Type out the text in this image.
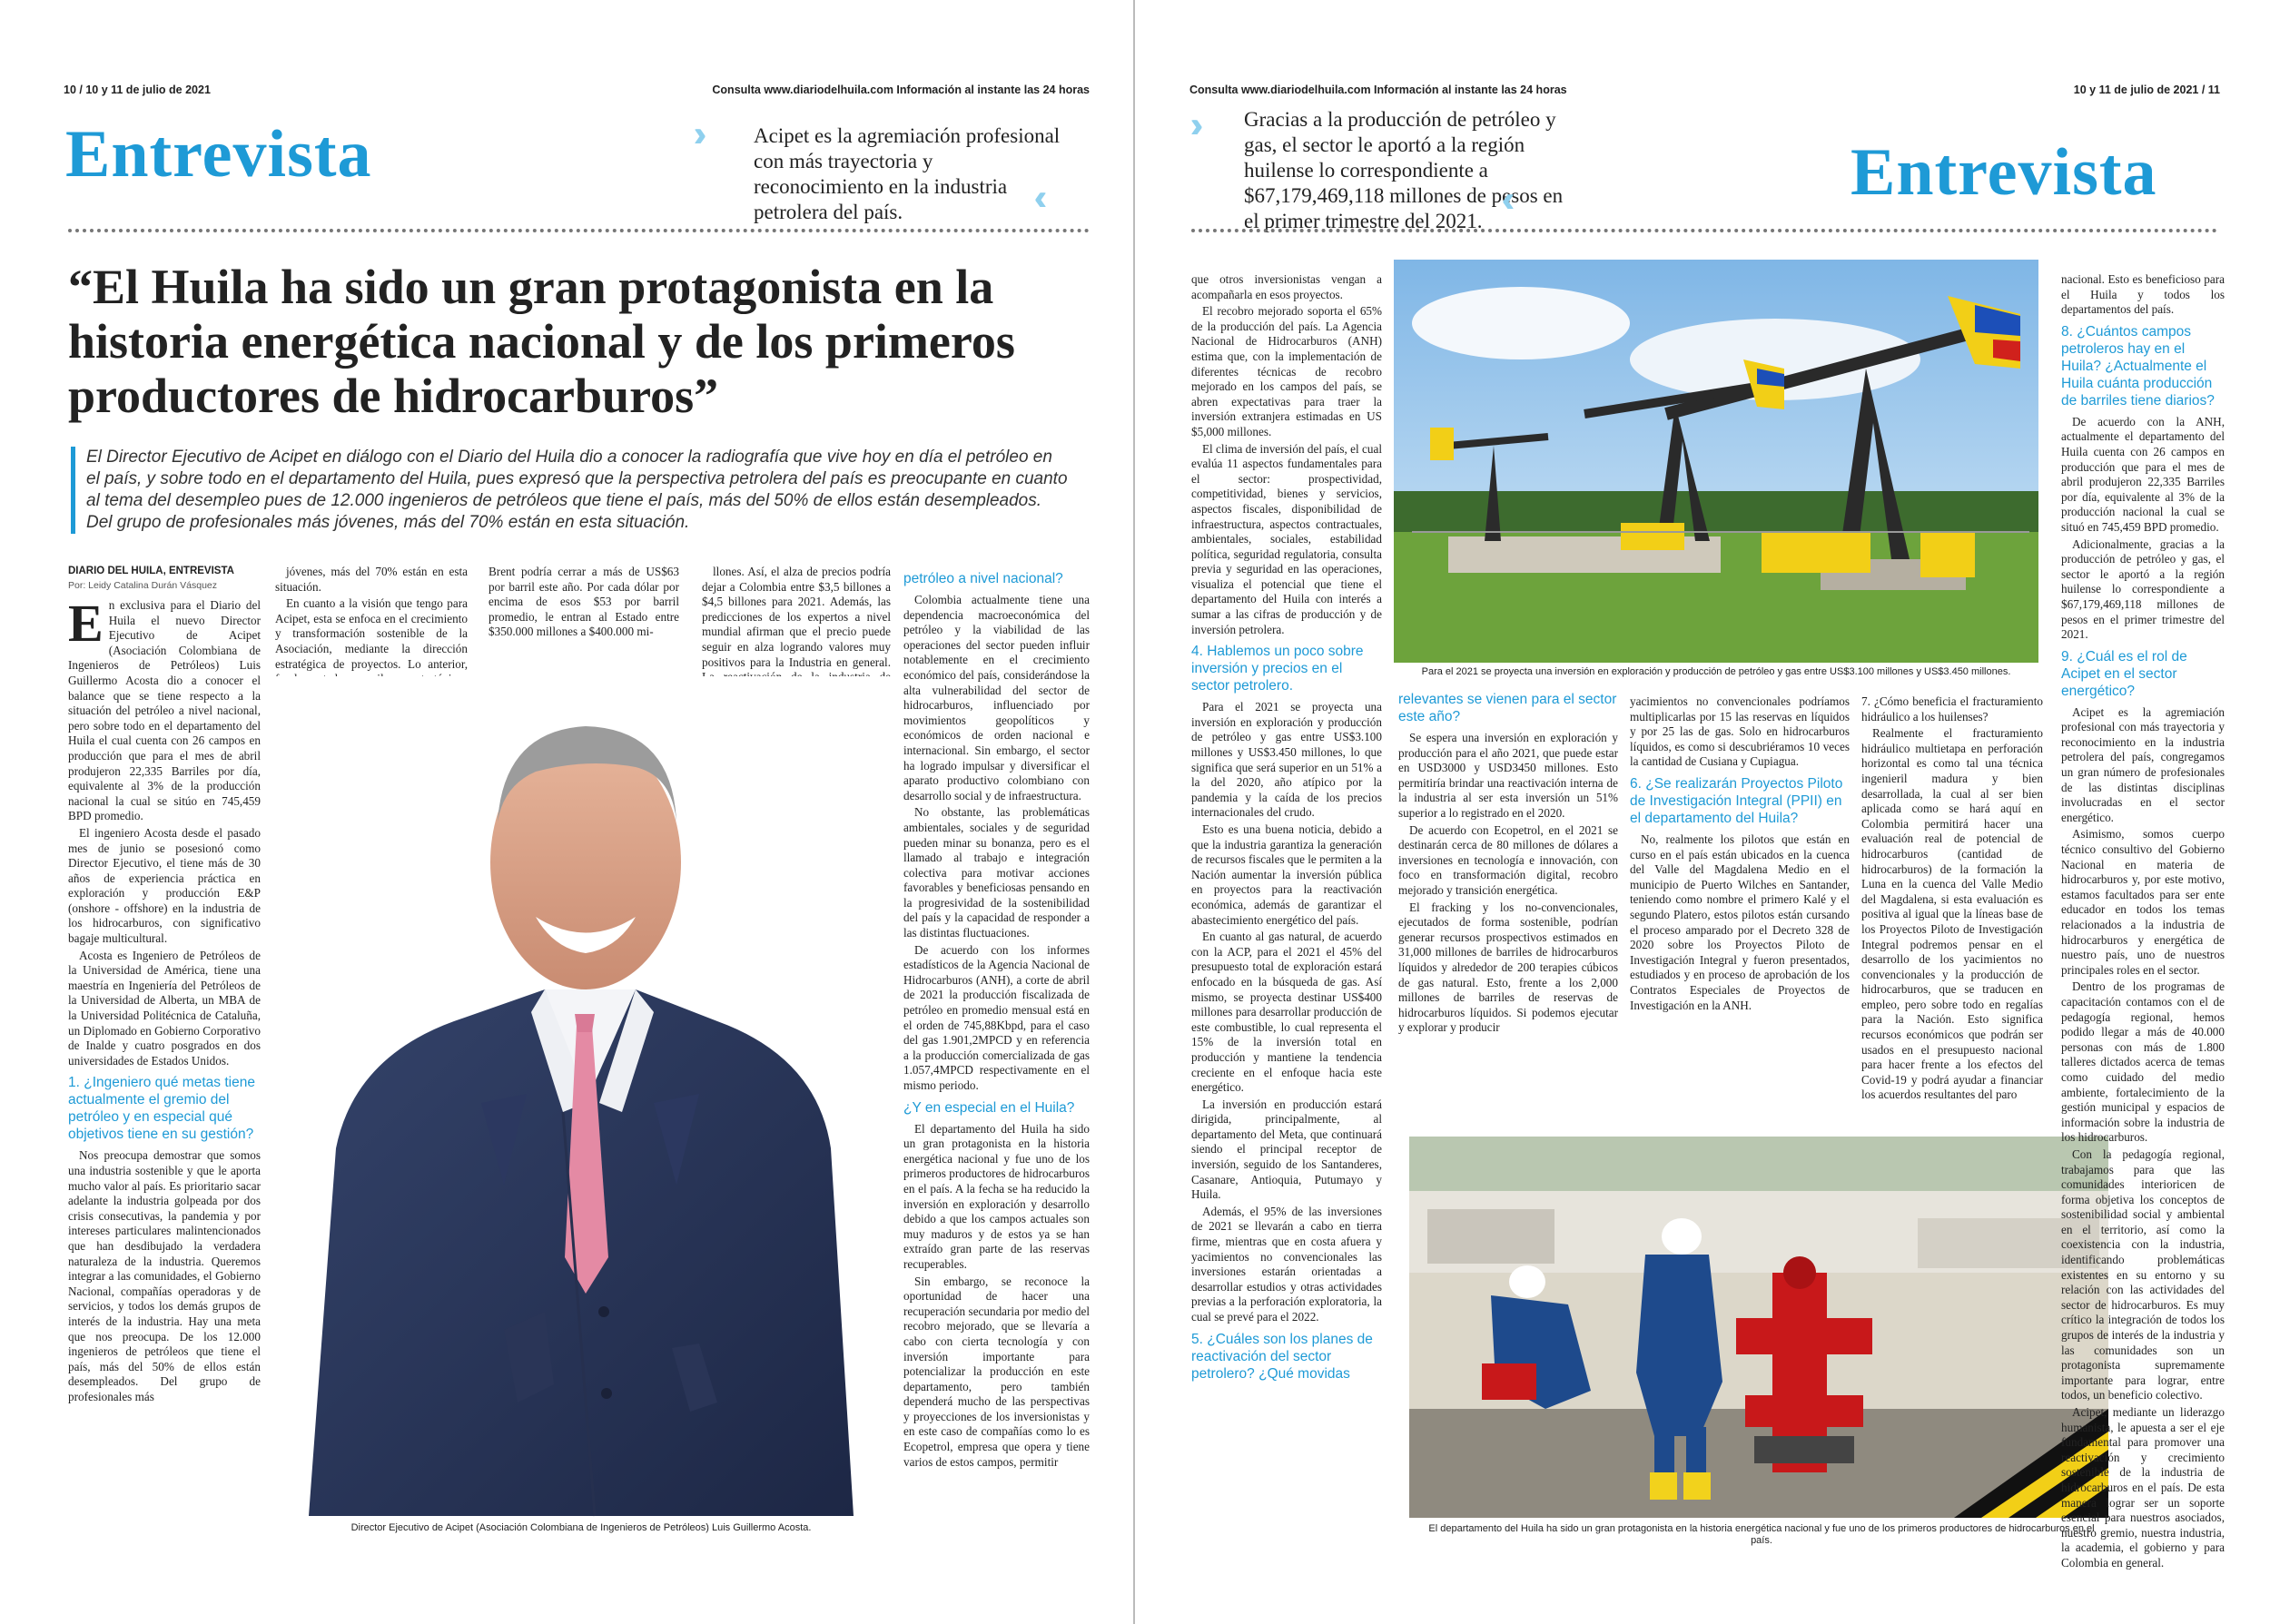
10 / 10 y 11 de julio de 2021	Consulta www.diariodelhuila.com Información al instante las 24 horas
Entrevista	Acipet es la agremiación profesional con más trayectoria y reconocimiento en la industria petrolera del país.
“El Huila ha sido un gran protagonista en la historia energética nacional y de los primeros productores de hidrocarburos”
El Director Ejecutivo de Acipet en diálogo con el Diario del Huila dio a conocer la radiografía que vive hoy en día el petróleo en el país, y sobre todo en el departamento del Huila, pues expresó que la perspectiva petrolera del país es preocupante en cuanto al tema del desempleo pues de 12.000 ingenieros de petróleos que tiene el país, más del 50% de ellos están desempleados. Del grupo de profesionales más jóvenes, más del 70% están en esta situación.
DIARIO DEL HUILA, ENTREVISTA
Por: Leidy Catalina Durán Vásquez

En exclusiva para el Diario del Huila el nuevo Director Ejecutivo de Acipet (Asociación Colombiana de Ingenieros de Petróleos) Luis Guillermo Acosta dio a conocer el balance que se tiene respecto a la situación del petróleo a nivel nacional, pero sobre todo en el departamento del Huila el cual cuenta con 26 campos en producción que para el mes de abril produjeron 22,335 Barriles por día, equivalente al 3% de la producción nacional la cual se sitúo en 745,459 BPD promedio.

El ingeniero Acosta desde el pasado mes de junio se posesionó como Director Ejecutivo, el tiene más de 30 años de experiencia práctica en exploración y producción E&P (onshore - offshore) en la industria de los hidrocarburos, con significativo bagaje multicultural.

Acosta es Ingeniero de Petróleos de la Universidad de América, tiene una maestría en Ingeniería del Petróleos de la Universidad de Alberta, un MBA de la Universidad Politécnica de Cataluña, un Diplomado en Gobierno Corporativo de Inalde y cuatro posgrados en dos universidades de Estados Unidos.

1. ¿Ingeniero qué metas tiene actualmente el gremio del petróleo y en especial qué objetivos tiene en su gestión?

Nos preocupa demostrar que somos una industria sostenible y que le aporta mucho valor al país. Es prioritario sacar adelante la industria golpeada por dos crisis consecutivas, la pandemia y por intereses particulares malintencionados que han desdibujado la verdadera naturaleza de la industria. Queremos integrar a las comunidades, el Gobierno Nacional, compañías operadoras y de servicios, y todos los demás grupos de interés de la industria. Hay una meta que nos preocupa. De los 12.000 ingenieros de petróleos que tiene el país, más del 50% de ellos están desempleados. Del grupo de profesionales más

jóvenes, más del 70% están en esta situación.

En cuanto a la visión que tengo para Acipet, esta se enfoca en el crecimiento y transformación sostenible de la Asociación, mediante la dirección estratégica de proyectos. Lo anterior,

Brent podría cerrar a más de US$63 por barril este año. Por cada dólar por encima de esos $53 por barril promedio, le entran al Estado entre $350.000 millones a $400.000 mi-

llones. Así, el alza de precios podría dejar a Colombia entre $3,5 billones a $4,5 billones para 2021. Además, las predicciones de los expertos a nivel mundial afirman que el precio puede seguir en alza logrando valores muy positivos para la Industria en general.

petróleo a nivel nacional?

Colombia actualmente tiene una dependencia macroeconómica del petróleo y la viabilidad de las operaciones del sector pueden influir notablemente en el crecimiento económico del país, considerándose la alta vulnerabilidad del sector de hidrocarburos, influenciado por movimientos geopolíticos y económicos de orden nacional e internacional. Sin embargo, el sector ha logrado impulsar y diversificar el aparato productivo colombiano con desarrollo social y de infraestructura.

No obstante, las problemáticas ambientales, sociales y de seguridad pueden minar su bonanza, pero es el llamado al trabajo e integración colectiva para motivar acciones favorables y beneficiosas pensando en la progresividad de la sostenibilidad del país y la capacidad de responder a las distintas fluctuaciones.

De acuerdo con los informes estadísticos de la Agencia Nacional de Hidrocarburos (ANH), a corte de abril de 2021 la producción fiscalizada de petróleo en promedio mensual está en el orden de 745,88Kbpd, para el caso del gas 1.901,2MPCD y en referencia a la producción comercializada de gas 1.057,4MPCD respectivamente en el mismo periodo.

¿Y en especial en el Huila?

El departamento del Huila ha sido un gran protagonista en la historia energética nacional y fue uno de los primeros productores de hidrocarburos en el país. A la fecha se ha reducido la inversión en exploración y desarrollo debido a que los campos actuales son muy maduros y de estos ya se han extraído gran parte de las reservas recuperables.

Sin embargo, se reconoce la oportunidad de hacer una recuperación secundaria por medio del recobro mejorado, que se llevaría a cabo con cierta tecnología y con inversión importante para potencializar la producción en este departamento, pero también dependerá mucho de las perspectivas y proyecciones de los inversionistas y en este caso de compañías como lo es Ecopetrol, empresa que opera y tiene varios de estos campos, permitir

Director Ejecutivo de Acipet (Asociación Colombiana de Ingenieros de Petróleos) Luis Guillermo Acosta.
Consulta www.diariodelhuila.com Información al instante las 24 horas	10 y 11 de julio de 2021 / 11
Gracias a la producción de petróleo y gas, el sector le aportó a la región huilense lo correspondiente a $67,179,469,118 millones de pesos en el primer trimestre del 2021.
Entrevista
Para el 2021 se proyecta una inversión en exploración y producción de petróleo y gas entre US$3.100 millones y US$3.450 millones.
El departamento del Huila ha sido un gran protagonista en la historia energética nacional y fue uno de los primeros productores de hidrocarburos en el país.

que otros inversionistas vengan a acompañarla en esos proyectos.

El recobro mejorado soporta el 65% de la producción del país. La Agencia Nacional de Hidrocarburos (ANH) estima que, con la implementación de diferentes técnicas de recobro mejorado en los campos del país, se abren expectativas para traer la inversión extranjera estimadas en US $5,000 millones.

El clima de inversión del país, el cual evalúa 11 aspectos fundamentales para el sector: prospectividad, competitividad, bienes y servicios, aspectos fiscales, disponibilidad de infraestructura, aspectos contractuales, ambientales, sociales, estabilidad política, seguridad regulatoria, consulta previa y seguridad en las operaciones, visualiza el potencial que tiene el departamento del Huila con interés a sumar a las cifras de producción y de inversión petrolera.

4. Hablemos un poco sobre inversión y precios en el sector petrolero.

Para el 2021 se proyecta una inversión en exploración y producción de petróleo y gas entre US$3.100 millones y US$3.450 millones, lo que significa que será superior en un 51% a la del 2020, año atípico por la pandemia y la caída de los precios internacionales del crudo.

Esto es una buena noticia, debido a que la industria garantiza la generación de recursos fiscales que le permiten a la Nación aumentar la inversión pública en proyectos para la reactivación económica, además de garantizar el abastecimiento energético del país.

En cuanto al gas natural, de acuerdo con la ACP, para el 2021 el 45% del presupuesto total de exploración estará enfocado en la búsqueda de gas. Así mismo, se proyecta destinar US$400 millones para desarrollar producción de este combustible, lo cual representa el 15% de la inversión total en producción y mantiene la tendencia creciente en el enfoque hacia este energético.

La inversión en producción estará dirigida, principalmente, al departamento del Meta, que continuará siendo el principal receptor de inversión, seguido de los Santanderes, Casanare, Antioquia, Putumayo y Huila.

Además, el 95% de las inversiones de 2021 se llevarán a cabo en tierra firme, mientras que en costa afuera y yacimientos no convencionales las inversiones estarán orientadas a desarrollar estudios y otras actividades previas a la perforación exploratoria, la cual se prevé para el 2022.

5. ¿Cuáles son los planes de reactivación del sector petrolero? ¿Qué movidas

relevantes se vienen para el sector este año?

Se espera una inversión en exploración y producción para el año 2021, que puede estar en USD3000 y USD3450 millones. Esto permitiría brindar una reactivación interna de la industria al ser esta inversión un 51% superior a lo registrado en el 2020.

De acuerdo con Ecopetrol, en el 2021 se destinarán cerca de 80 millones de dólares a inversiones en tecnología e innovación, con foco en transformación digital, recobro mejorado y transición energética.

El fracking y los no-convencionales, ejecutados de forma sostenible, podrían generar recursos prospectivos estimados en 31,000 millones de barriles de hidrocarburos líquidos y alrededor de 200 terapies cúbicos de gas natural. Esto, frente a los 2,000 millones de barriles de reservas de hidrocarburos líquidos. Si podemos ejecutar y explorar y producir

yacimientos no convencionales podríamos multiplicarlas por 15 las reservas en líquidos y por 25 las de gas. Solo en hidrocarburos líquidos, es como si descubriéramos 10 veces la cantidad de Cusiana y Cupiagua.

6. ¿Se realizarán Proyectos Piloto de Investigación Integral (PPII) en el departamento del Huila?

No, realmente los pilotos que están en curso en el país están ubicados en la cuenca del Valle del Magdalena Medio en el municipio de Puerto Wilches en Santander, teniendo como nombre el primero Kalé y el segundo Platero, estos pilotos están cursando el proceso amparado por el Decreto 328 de 2020 sobre los Proyectos Piloto de Investigación Integral y fueron presentados, estudiados y en proceso de aprobación de los Contratos Especiales de Proyectos de Investigación en la ANH.

7. ¿Cómo beneficia el fracturamiento hidráulico a los huilenses?

Realmente el fracturamiento hidráulico multietapa en perforación horizontal es como tal una técnica ingenieril madura y bien desarrollada, la cual al ser bien aplicada como se hará aquí en Colombia permitirá hacer una evaluación real de potencial de hidrocarburos (cantidad de hidrocarburos) de la formación la Luna en la cuenca del Valle Medio del Magdalena, si esta evaluación es positiva al igual que la líneas base de los Proyectos Piloto de Investigación Integral podremos pensar en el desarrollo de los yacimientos no convencionales y la producción de hidrocarburos, que se traducen en empleo, pero sobre todo en regalías para la Nación. Esto significa recursos económicos que podrán ser usados en el presupuesto nacional para hacer frente a los efectos del Covid-19 y podrá ayudar a financiar los acuerdos resultantes del paro

nacional. Esto es beneficioso para el Huila y todos los departamentos del país.

8. ¿Cuántos campos petroleros hay en el Huila? ¿Actualmente el Huila cuánta producción de barriles tiene diarios?

De acuerdo con la ANH, actualmente el departamento del Huila cuenta con 26 campos en producción que para el mes de abril produjeron 22,335 Barriles por día, equivalente al 3% de la producción nacional la cual se situó en 745,459 BPD promedio.

Adicionalmente, gracias a la producción de petróleo y gas, el sector le aportó a la región huilense lo correspondiente a $67,179,469,118 millones de pesos en el primer trimestre del 2021.

9. ¿Cuál es el rol de Acipet en el sector energético?

Acipet es la agremiación profesional con más trayectoria y reconocimiento en la industria petrolera del país, congregamos un gran número de profesionales de las distintas disciplinas involucradas en el sector energético.

Asimismo, somos cuerpo técnico consultivo del Gobierno Nacional en materia de hidrocarburos y, por este motivo, estamos facultados para ser ente educador en todos los temas relacionados a la industria de hidrocarburos y energética de nuestro país, uno de nuestros principales roles en el sector.

Dentro de los programas de capacitación contamos con el de pedagogía regional, hemos podido llegar a más de 40.000 personas con más de 1.800 talleres dictados acerca de temas como cuidado del medio ambiente, fortalecimiento de la gestión municipal y espacios de información sobre la industria de los hidrocarburos.

Con la pedagogía regional, trabajamos para que las comunidades interioricen de forma objetiva los conceptos de sostenibilidad social y ambiental en el territorio, así como la coexistencia con la industria, identificando problemáticas existentes en su entorno y su relación con las actividades del sector de hidrocarburos. Es muy crítico la integración de todos los grupos de interés de la industria y las comunidades son un protagonista supremamente importante para lograr, entre todos, un beneficio colectivo.

Acipet, mediante un liderazgo humanista, le apuesta a ser el eje fundamental para promover una reactivación y crecimiento sostenible de la industria de hidrocarburos en el país. De esta manera lograr ser un soporte esencial para nuestros asociados, nuestro gremio, nuestra industria, la academia, el gobierno y para Colombia en general.
